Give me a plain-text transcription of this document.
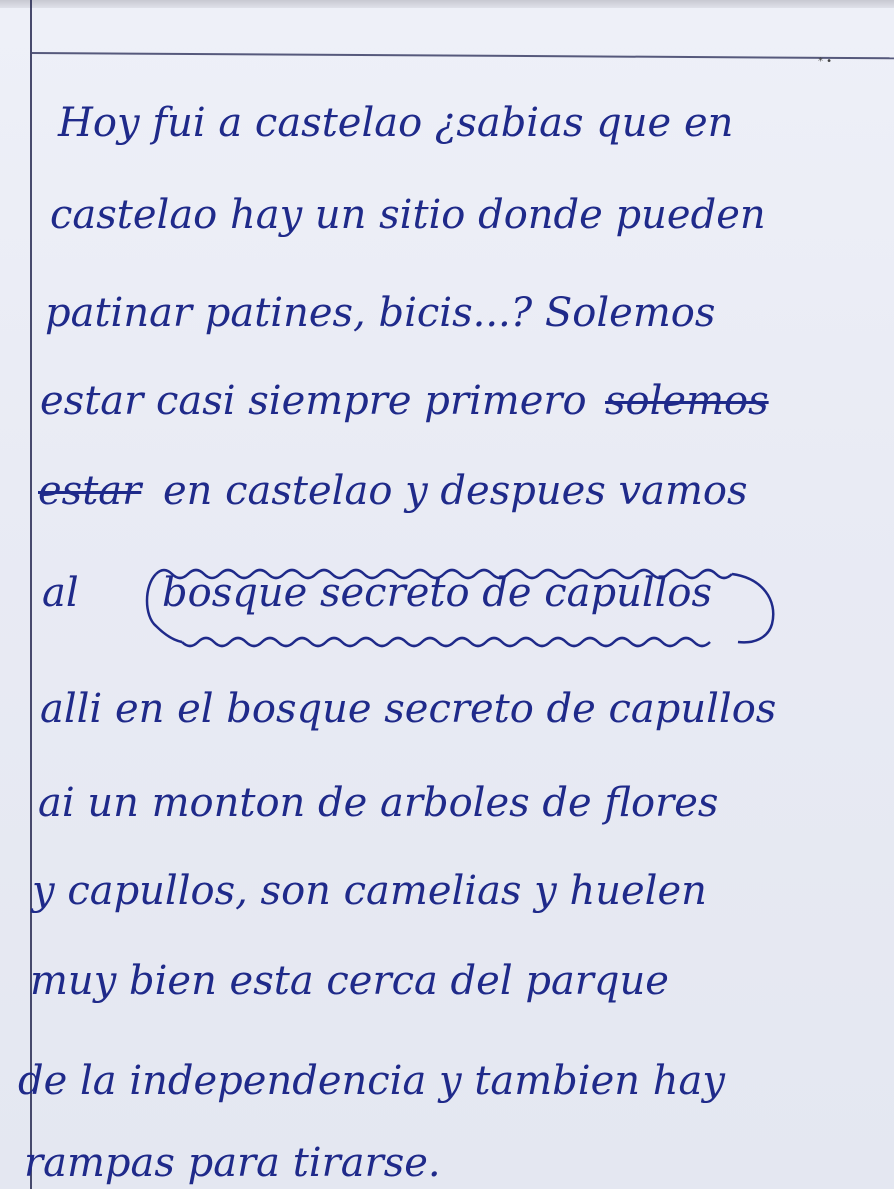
* •
Hoy fui a castelao ¿sabias que en
castelao hay un sitio donde pueden
patinar patines, bicis...? Solemos
estar casi siempre primero solemos
estar en castelao y despues vamos
al bosque secreto de capullos
alli en el bosque secreto de capullos
ai un monton de arboles de flores
y capullos, son camelias y huelen
muy bien esta cerca del parque
de la independencia y tambien hay
rampas para tirarse.
